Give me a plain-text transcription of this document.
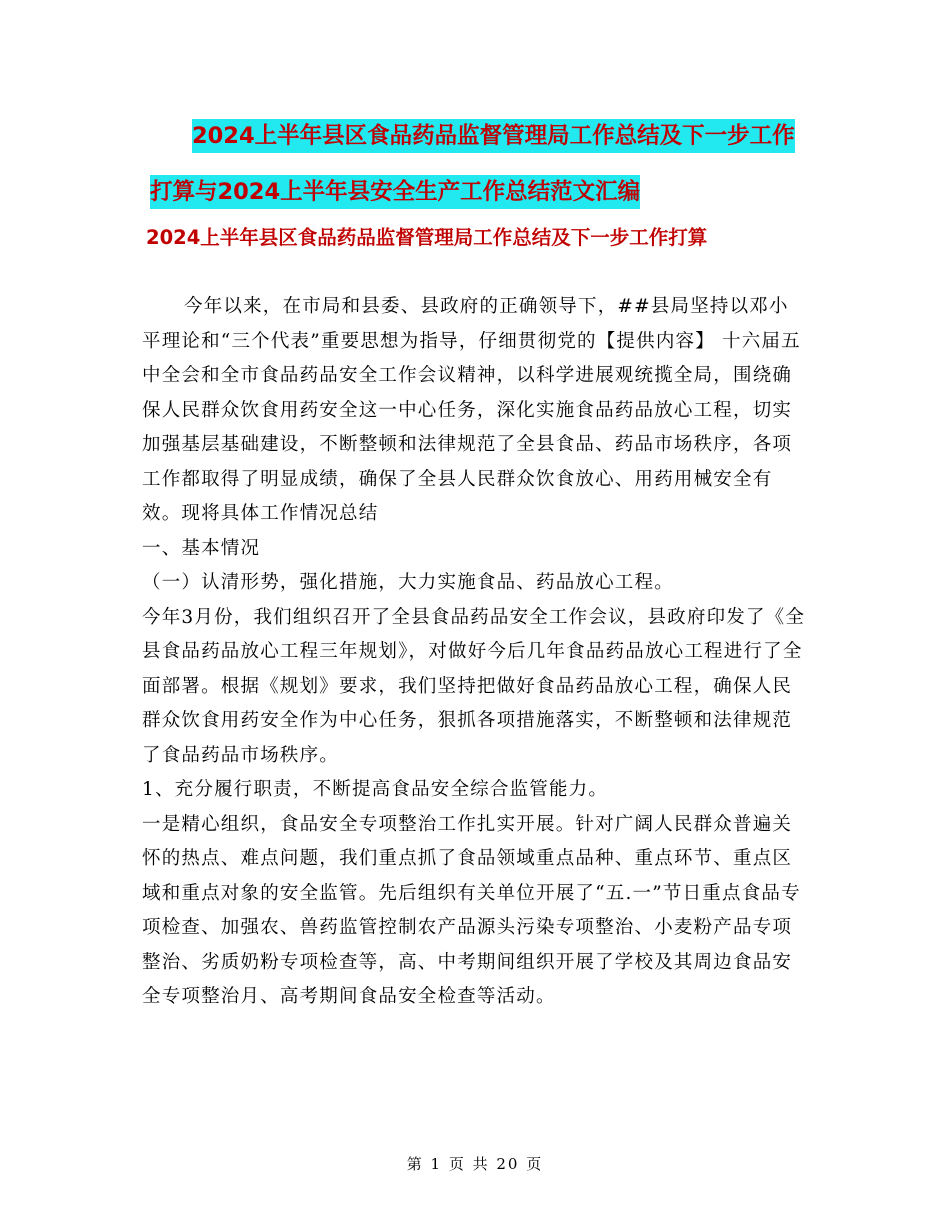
2024上半年县区食品药品监督管理局工作总结及下一步工作打算与2024上半年县安全生产工作总结范文汇编
2024上半年县区食品药品监督管理局工作总结及下一步工作打算

今年以来，在市局和县委、县政府的正确领导下，##县局坚持以邓小平理论和“三个代表”重要思想为指导，仔细贯彻党的【提供内容】 十六届五中全会和全市食品药品安全工作会议精神，以科学进展观统揽全局，围绕确保人民群众饮食用药安全这一中心任务，深化实施食品药品放心工程，切实加强基层基础建设，不断整顿和法律规范了全县食品、药品市场秩序，各项工作都取得了明显成绩，确保了全县人民群众饮食放心、用药用械安全有效。现将具体工作情况总结

一、基本情况

（一）认清形势，强化措施，大力实施食品、药品放心工程。

今年3月份，我们组织召开了全县食品药品安全工作会议，县政府印发了《全县食品药品放心工程三年规划》，对做好今后几年食品药品放心工程进行了全面部署。根据《规划》要求，我们坚持把做好食品药品放心工程，确保人民群众饮食用药安全作为中心任务，狠抓各项措施落实，不断整顿和法律规范了食品药品市场秩序。

1、充分履行职责，不断提高食品安全综合监管能力。

一是精心组织，食品安全专项整治工作扎实开展。针对广阔人民群众普遍关怀的热点、难点问题，我们重点抓了食品领域重点品种、重点环节、重点区域和重点对象的安全监管。先后组织有关单位开展了“五.一”节日重点食品专项检查、加强农、兽药监管控制农产品源头污染专项整治、小麦粉产品专项整治、劣质奶粉专项检查等，高、中考期间组织开展了学校及其周边食品安全专项整治月、高考期间食品安全检查等活动。

第 1 页 共 20 页
